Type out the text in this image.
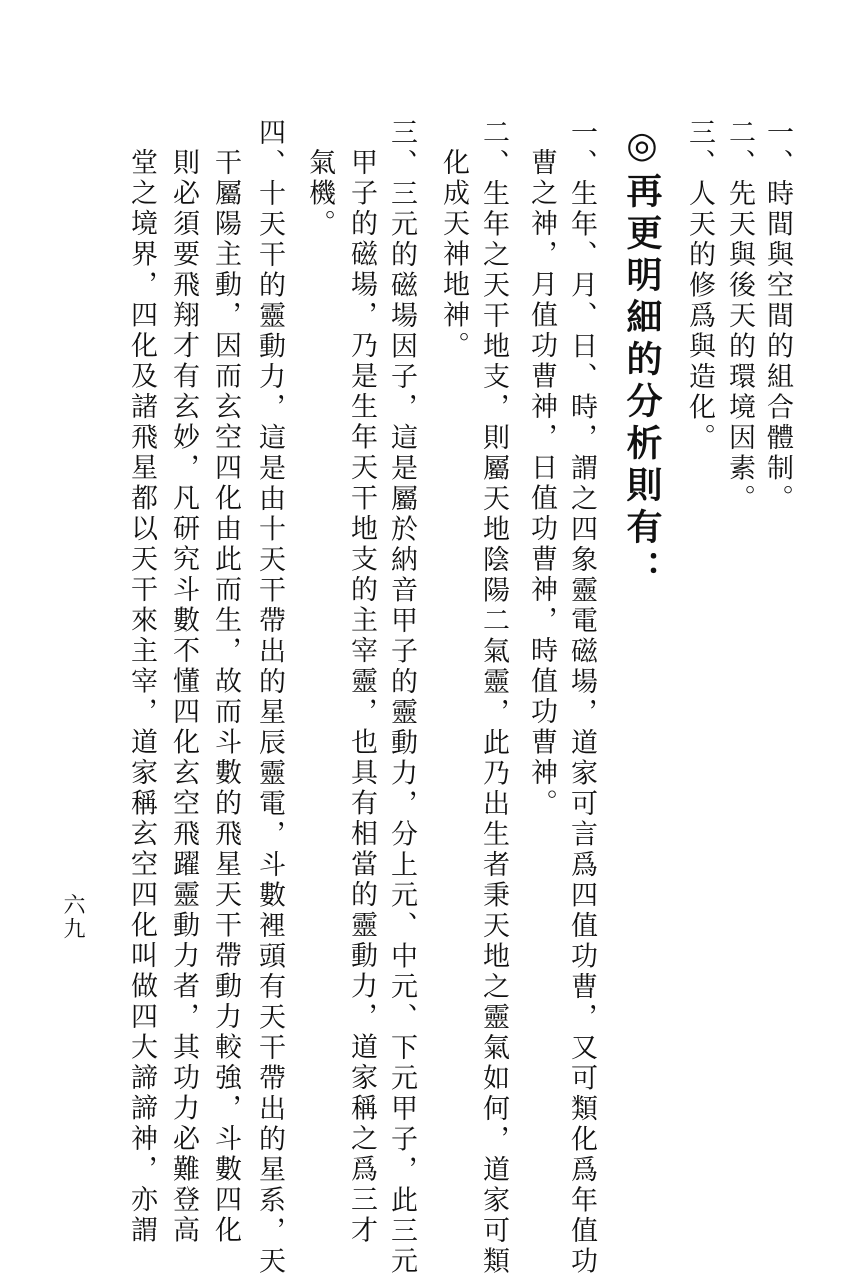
一、時間與空間的組合體制。
二、先天與後天的環境因素。
三、人天的修爲與造化。
◎再更明細的分析則有：
一、生年、月、日、時，謂之四象靈電磁場，道家可言爲四值功曹，又可類化爲年值功
曹之神，月值功曹神，日值功曹神，時值功曹神。
二、生年之天干地支，則屬天地陰陽二氣靈，此乃出生者秉天地之靈氣如何，道家可類
化成天神地神。
三、三元的磁場因子，這是屬於納音甲子的靈動力，分上元、中元、下元甲子，此三元
甲子的磁場，乃是生年天干地支的主宰靈，也具有相當的靈動力，道家稱之爲三才
氣機。
四、十天干的靈動力，這是由十天干帶出的星辰靈電，斗數裡頭有天干帶出的星系，天
干屬陽主動，因而玄空四化由此而生，故而斗數的飛星天干帶動力較強，斗數四化
則必須要飛翔才有玄妙，凡研究斗數不懂四化玄空飛躍靈動力者，其功力必難登高
堂之境界，四化及諸飛星都以天干來主宰，道家稱玄空四化叫做四大諦諦神，亦謂
六九
